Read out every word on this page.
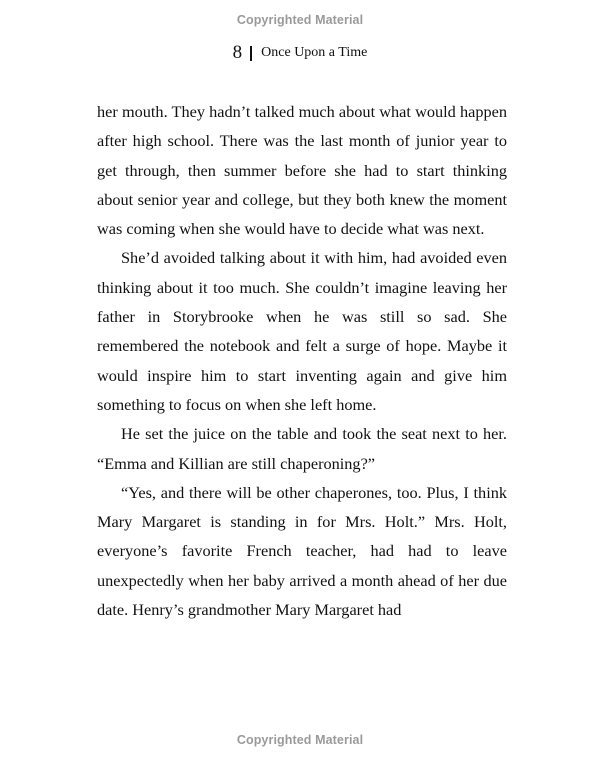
Copyrighted Material
8 Once Upon a Time

her mouth. They hadn’t talked much about what would happen after high school. There was the last month of junior year to get through, then summer before she had to start thinking about senior year and college, but they both knew the moment was coming when she would have to decide what was next.

She’d avoided talking about it with him, had avoided even thinking about it too much. She couldn’t imagine leaving her father in Storybrooke when he was still so sad. She remembered the notebook and felt a surge of hope. Maybe it would inspire him to start inventing again and give him something to focus on when she left home.

He set the juice on the table and took the seat next to her. “Emma and Killian are still chaperoning?”

“Yes, and there will be other chaperones, too. Plus, I think Mary Margaret is standing in for Mrs. Holt.” Mrs. Holt, everyone’s favorite French teacher, had had to leave unexpectedly when her baby arrived a month ahead of her due date. Henry’s grandmother Mary Margaret had

Copyrighted Material
